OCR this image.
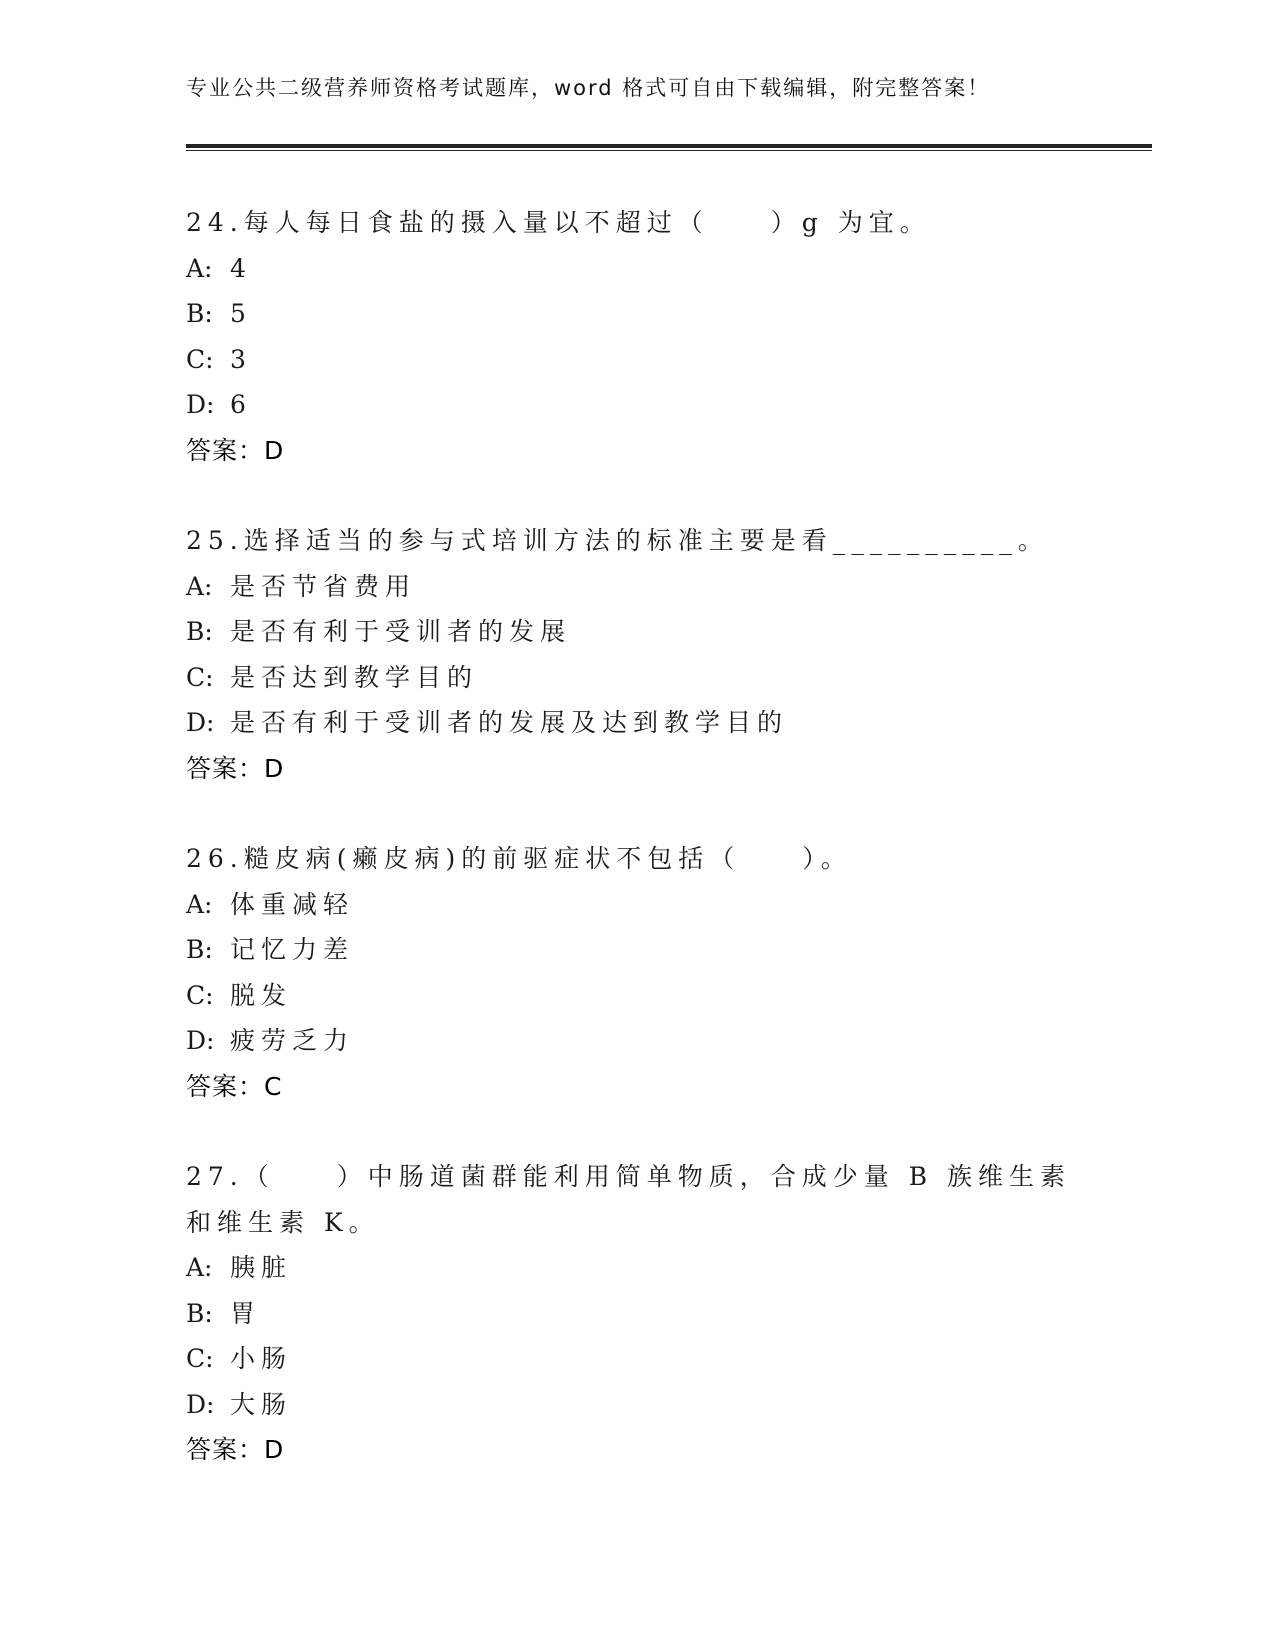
专业公共二级营养师资格考试题库，word 格式可自由下载编辑，附完整答案！
24.每人每日食盐的摄入量以不超过（　　）g 为宜。
A: 4
B: 5
C: 3
D: 6
答案：D
25.选择适当的参与式培训方法的标准主要是看__________。
A: 是否节省费用
B: 是否有利于受训者的发展
C: 是否达到教学目的
D: 是否有利于受训者的发展及达到教学目的
答案：D
26.糙皮病(癞皮病)的前驱症状不包括（　　）。
A: 体重减轻
B: 记忆力差
C: 脱发
D: 疲劳乏力
答案：C
27.（　　）中肠道菌群能利用简单物质，合成少量 B 族维生素和维生素 K。
A: 胰脏
B: 胃
C: 小肠
D: 大肠
答案：D
